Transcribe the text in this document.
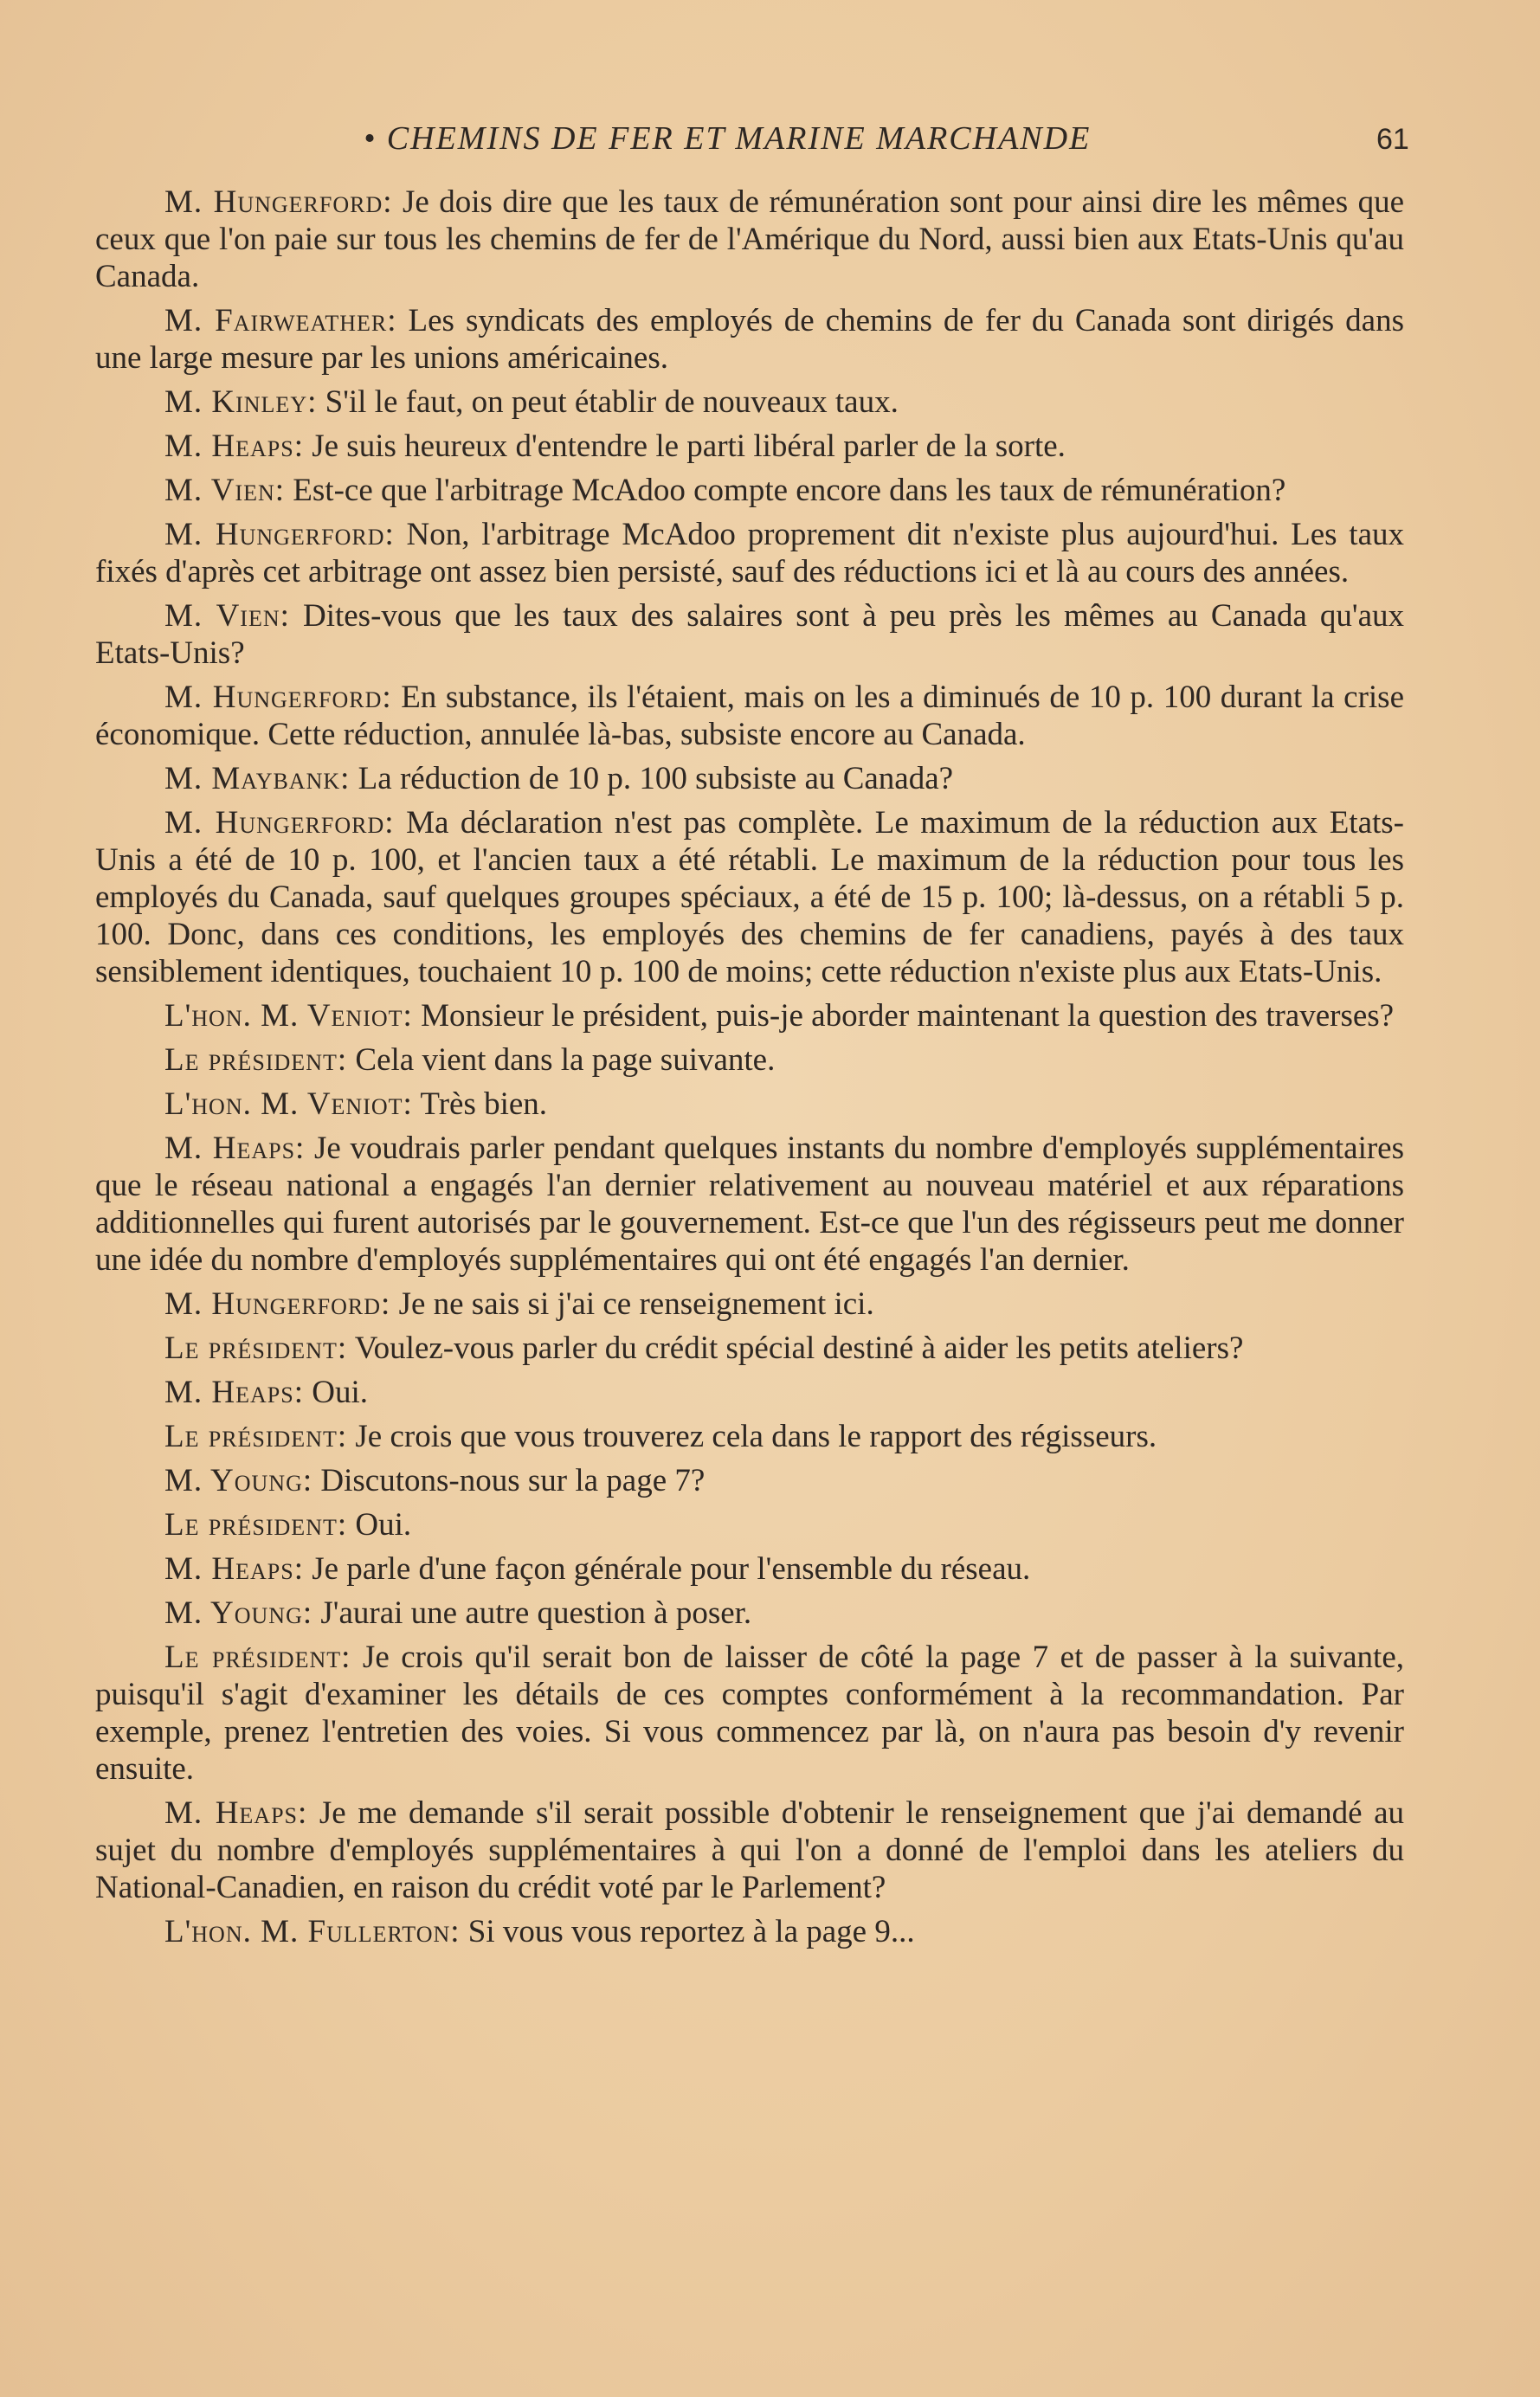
• CHEMINS DE FER ET MARINE MARCHANDE	61

M. Hungerford: Je dois dire que les taux de rémunération sont pour ainsi dire les mêmes que ceux que l'on paie sur tous les chemins de fer de l'Amérique du Nord, aussi bien aux Etats-Unis qu'au Canada.

M. Fairweather: Les syndicats des employés de chemins de fer du Canada sont dirigés dans une large mesure par les unions américaines.

M. Kinley: S'il le faut, on peut établir de nouveaux taux.

M. Heaps: Je suis heureux d'entendre le parti libéral parler de la sorte.

M. Vien: Est-ce que l'arbitrage McAdoo compte encore dans les taux de rémunération?

M. Hungerford: Non, l'arbitrage McAdoo proprement dit n'existe plus aujourd'hui. Les taux fixés d'après cet arbitrage ont assez bien persisté, sauf des réductions ici et là au cours des années.

M. Vien: Dites-vous que les taux des salaires sont à peu près les mêmes au Canada qu'aux Etats-Unis?

M. Hungerford: En substance, ils l'étaient, mais on les a diminués de 10 p. 100 durant la crise économique. Cette réduction, annulée là-bas, subsiste encore au Canada.

M. Maybank: La réduction de 10 p. 100 subsiste au Canada?

M. Hungerford: Ma déclaration n'est pas complète. Le maximum de la réduction aux Etats-Unis a été de 10 p. 100, et l'ancien taux a été rétabli. Le maximum de la réduction pour tous les employés du Canada, sauf quelques groupes spéciaux, a été de 15 p. 100; là-dessus, on a rétabli 5 p. 100. Donc, dans ces conditions, les employés des chemins de fer canadiens, payés à des taux sensiblement identiques, touchaient 10 p. 100 de moins; cette réduction n'existe plus aux Etats-Unis.

L'hon. M. Veniot: Monsieur le président, puis-je aborder maintenant la question des traverses?

Le président: Cela vient dans la page suivante.

L'hon. M. Veniot: Très bien.

M. Heaps: Je voudrais parler pendant quelques instants du nombre d'employés supplémentaires que le réseau national a engagés l'an dernier relativement au nouveau matériel et aux réparations additionnelles qui furent autorisés par le gouvernement. Est-ce que l'un des régisseurs peut me donner une idée du nombre d'employés supplémentaires qui ont été engagés l'an dernier.

M. Hungerford: Je ne sais si j'ai ce renseignement ici.

Le président: Voulez-vous parler du crédit spécial destiné à aider les petits ateliers?

M. Heaps: Oui.

Le président: Je crois que vous trouverez cela dans le rapport des régisseurs.

M. Young: Discutons-nous sur la page 7?

Le président: Oui.

M. Heaps: Je parle d'une façon générale pour l'ensemble du réseau.

M. Young: J'aurai une autre question à poser.

Le président: Je crois qu'il serait bon de laisser de côté la page 7 et de passer à la suivante, puisqu'il s'agit d'examiner les détails de ces comptes conformément à la recommandation. Par exemple, prenez l'entretien des voies. Si vous commencez par là, on n'aura pas besoin d'y revenir ensuite.

M. Heaps: Je me demande s'il serait possible d'obtenir le renseignement que j'ai demandé au sujet du nombre d'employés supplémentaires à qui l'on a donné de l'emploi dans les ateliers du National-Canadien, en raison du crédit voté par le Parlement?

L'hon. M. Fullerton: Si vous vous reportez à la page 9...
